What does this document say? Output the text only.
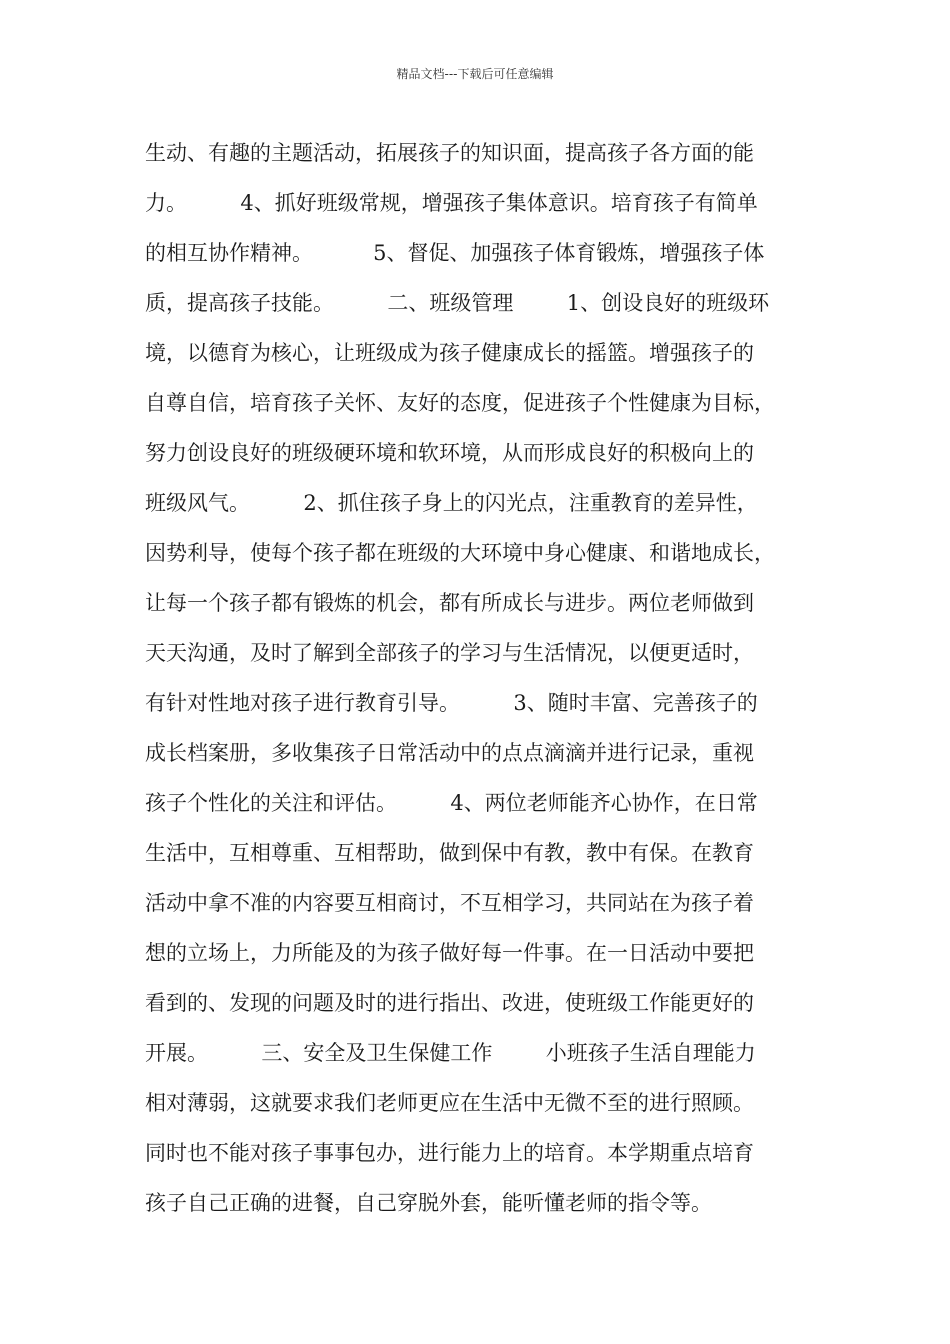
精品文档---下载后可任意编辑
生动、有趣的主题活动，拓展孩子的知识面，提高孩子各方面的能
力。        4、抓好班级常规，增强孩子集体意识。培育孩子有简单
的相互协作精神。         5、督促、加强孩子体育锻炼，增强孩子体
质，提高孩子技能。        二、班级管理        1、创设良好的班级环
境，以德育为核心，让班级成为孩子健康成长的摇篮。增强孩子的
自尊自信，培育孩子关怀、友好的态度，促进孩子个性健康为目标，
努力创设良好的班级硬环境和软环境，从而形成良好的积极向上的
班级风气。        2、抓住孩子身上的闪光点，注重教育的差异性，
因势利导，使每个孩子都在班级的大环境中身心健康、和谐地成长，
让每一个孩子都有锻炼的机会，都有所成长与进步。两位老师做到
天天沟通，及时了解到全部孩子的学习与生活情况，以便更适时，
有针对性地对孩子进行教育引导。        3、随时丰富、完善孩子的
成长档案册，多收集孩子日常活动中的点点滴滴并进行记录，重视
孩子个性化的关注和评估。        4、两位老师能齐心协作，在日常
生活中，互相尊重、互相帮助，做到保中有教，教中有保。在教育
活动中拿不准的内容要互相商讨，不互相学习，共同站在为孩子着
想的立场上，力所能及的为孩子做好每一件事。在一日活动中要把
看到的、发现的问题及时的进行指出、改进，使班级工作能更好的
开展。        三、安全及卫生保健工作        小班孩子生活自理能力
相对薄弱，这就要求我们老师更应在生活中无微不至的进行照顾。
同时也不能对孩子事事包办，进行能力上的培育。本学期重点培育
孩子自己正确的进餐，自己穿脱外套，能听懂老师的指令等。
